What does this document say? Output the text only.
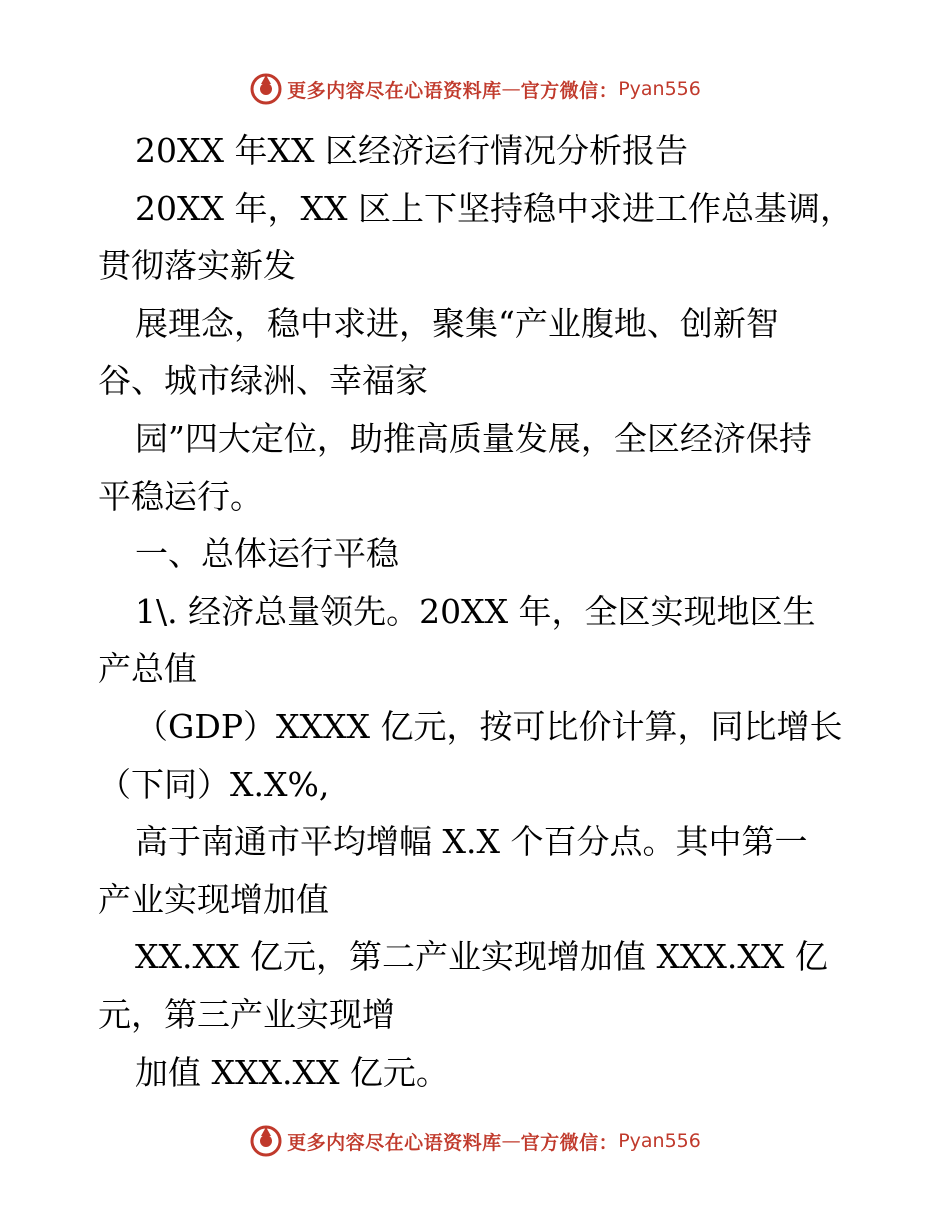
更多内容尽在心语资料库 — 官方微信： Pyan556
20XX 年XX 区经济运行情况分析报告
20XX 年，XX 区上下坚持稳中求进工作总基调，
贯彻落实新发
展理念，稳中求进，聚集“产业腹地、创新智
谷、城市绿洲、幸福家
园”四大定位，助推高质量发展，全区经济保持
平稳运行。
一、总体运行平稳
1\. 经济总量领先。20XX 年，全区实现地区生
产总值
（GDP）XXXX 亿元，按可比价计算，同比增长
（下同）X.X%,
高于南通市平均增幅 X.X 个百分点。其中第一
产业实现增加值
XX.XX 亿元，第二产业实现增加值 XXX.XX 亿
元，第三产业实现增
加值 XXX.XX 亿元。
更多内容尽在心语资料库 — 官方微信： Pyan556
